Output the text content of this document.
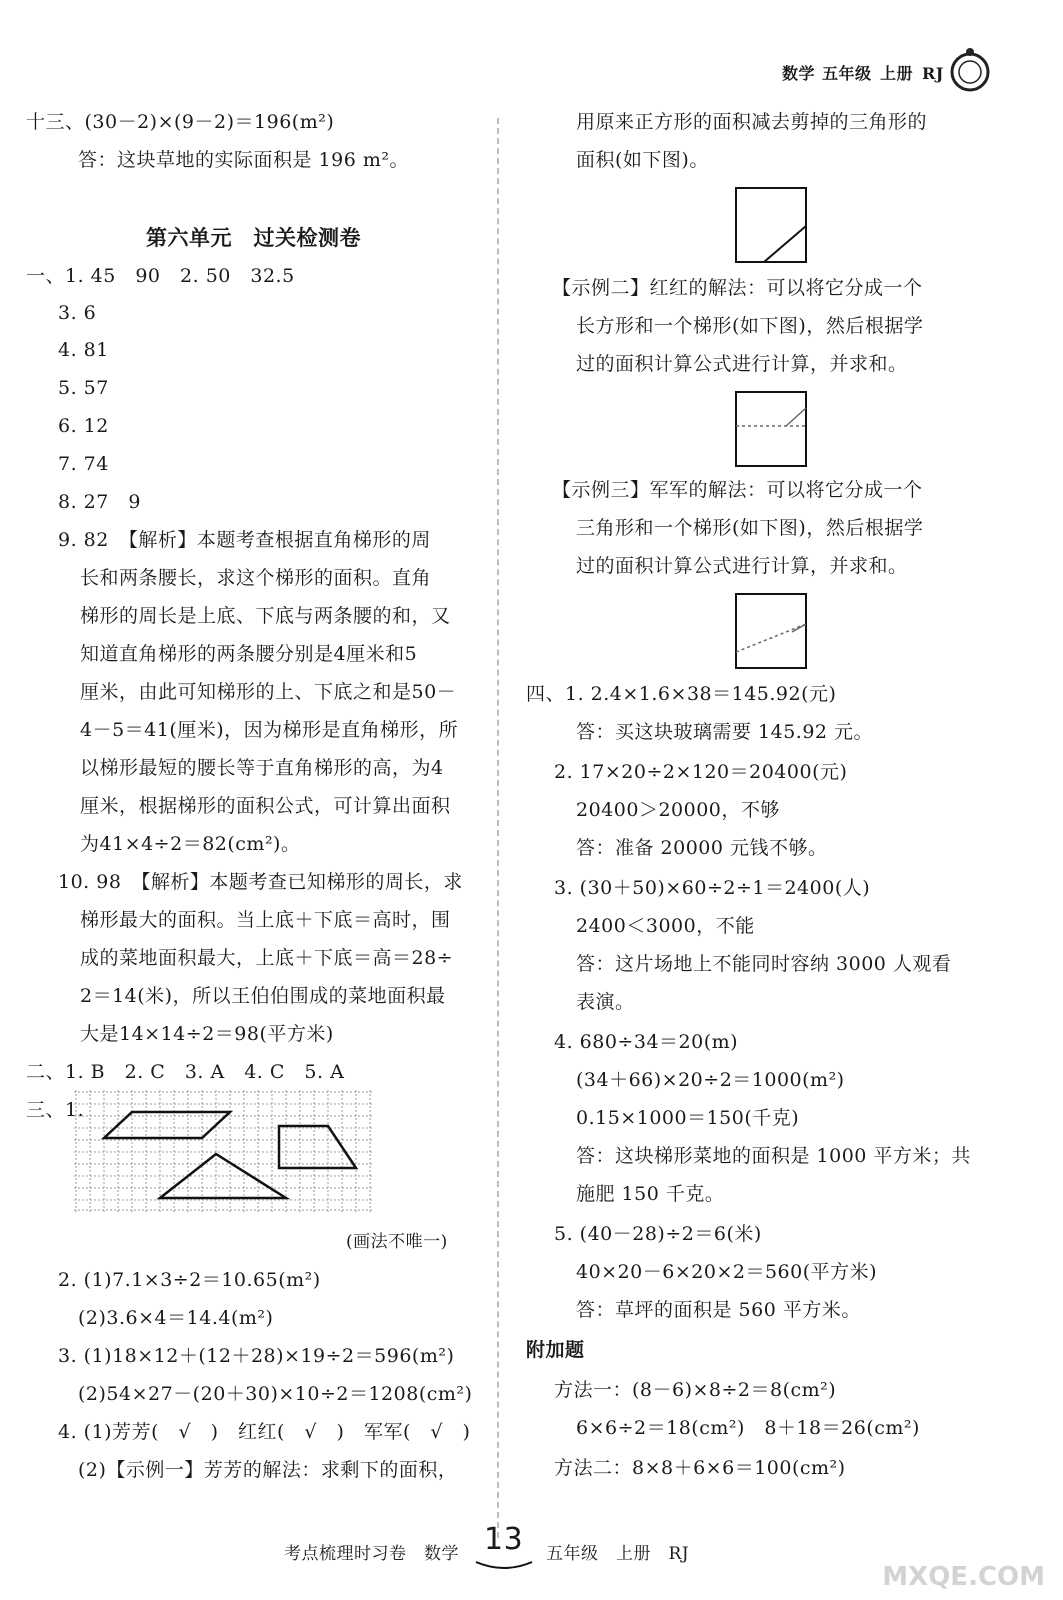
数学 五年级 上册 RJ
十三、(30－2)×(9－2)＝196(m²)
答：这块草地的实际面积是 196 m²。
第六单元　过关检测卷
一、1. 45　90　2. 50　32.5
3. 6
4. 81
5. 57
6. 12
7. 74
8. 27　9
9. 82　【解析】本题考查根据直角梯形的周
长和两条腰长，求这个梯形的面积。直角
梯形的周长是上底、下底与两条腰的和，又
知道直角梯形的两条腰分别是4厘米和5
厘米，由此可知梯形的上、下底之和是50－
4－5＝41(厘米)，因为梯形是直角梯形，所
以梯形最短的腰长等于直角梯形的高，为4
厘米，根据梯形的面积公式，可计算出面积
为41×4÷2＝82(cm²)。
10. 98　【解析】本题考查已知梯形的周长，求
梯形最大的面积。当上底＋下底＝高时，围
成的菜地面积最大，上底＋下底＝高＝28÷
2＝14(米)，所以王伯伯围成的菜地面积最
大是14×14÷2＝98(平方米)
二、1. B　2. C　3. A　4. C　5. A
三、1.
(画法不唯一)
2. (1)7.1×3÷2＝10.65(m²)
(2)3.6×4＝14.4(m²)
3. (1)18×12＋(12＋28)×19÷2＝596(m²)
(2)54×27－(20＋30)×10÷2＝1208(cm²)
4. (1)芳芳(　√　)　红红(　√　)　军军(　√　)
(2)【示例一】芳芳的解法：求剩下的面积，
用原来正方形的面积减去剪掉的三角形的
面积(如下图)。
【示例二】红红的解法：可以将它分成一个
长方形和一个梯形(如下图)，然后根据学
过的面积计算公式进行计算，并求和。
【示例三】军军的解法：可以将它分成一个
三角形和一个梯形(如下图)，然后根据学
过的面积计算公式进行计算，并求和。
四、1. 2.4×1.6×38＝145.92(元)
答：买这块玻璃需要 145.92 元。
2. 17×20÷2×120＝20400(元)
20400＞20000，不够
答：准备 20000 元钱不够。
3. (30＋50)×60÷2÷1＝2400(人)
2400＜3000，不能
答：这片场地上不能同时容纳 3000 人观看
表演。
4. 680÷34＝20(m)
(34＋66)×20÷2＝1000(m²)
0.15×1000＝150(千克)
答：这块梯形菜地的面积是 1000 平方米；共
施肥 150 千克。
5. (40－28)÷2＝6(米)
40×20－6×20×2＝560(平方米)
答：草坪的面积是 560 平方米。
附加题
方法一：(8－6)×8÷2＝8(cm²)
6×6÷2＝18(cm²)　8＋18＝26(cm²)
方法二：8×8＋6×6＝100(cm²)
考点梳理时习卷　数学 13 五年级　上册　RJ
MXQE.COM
